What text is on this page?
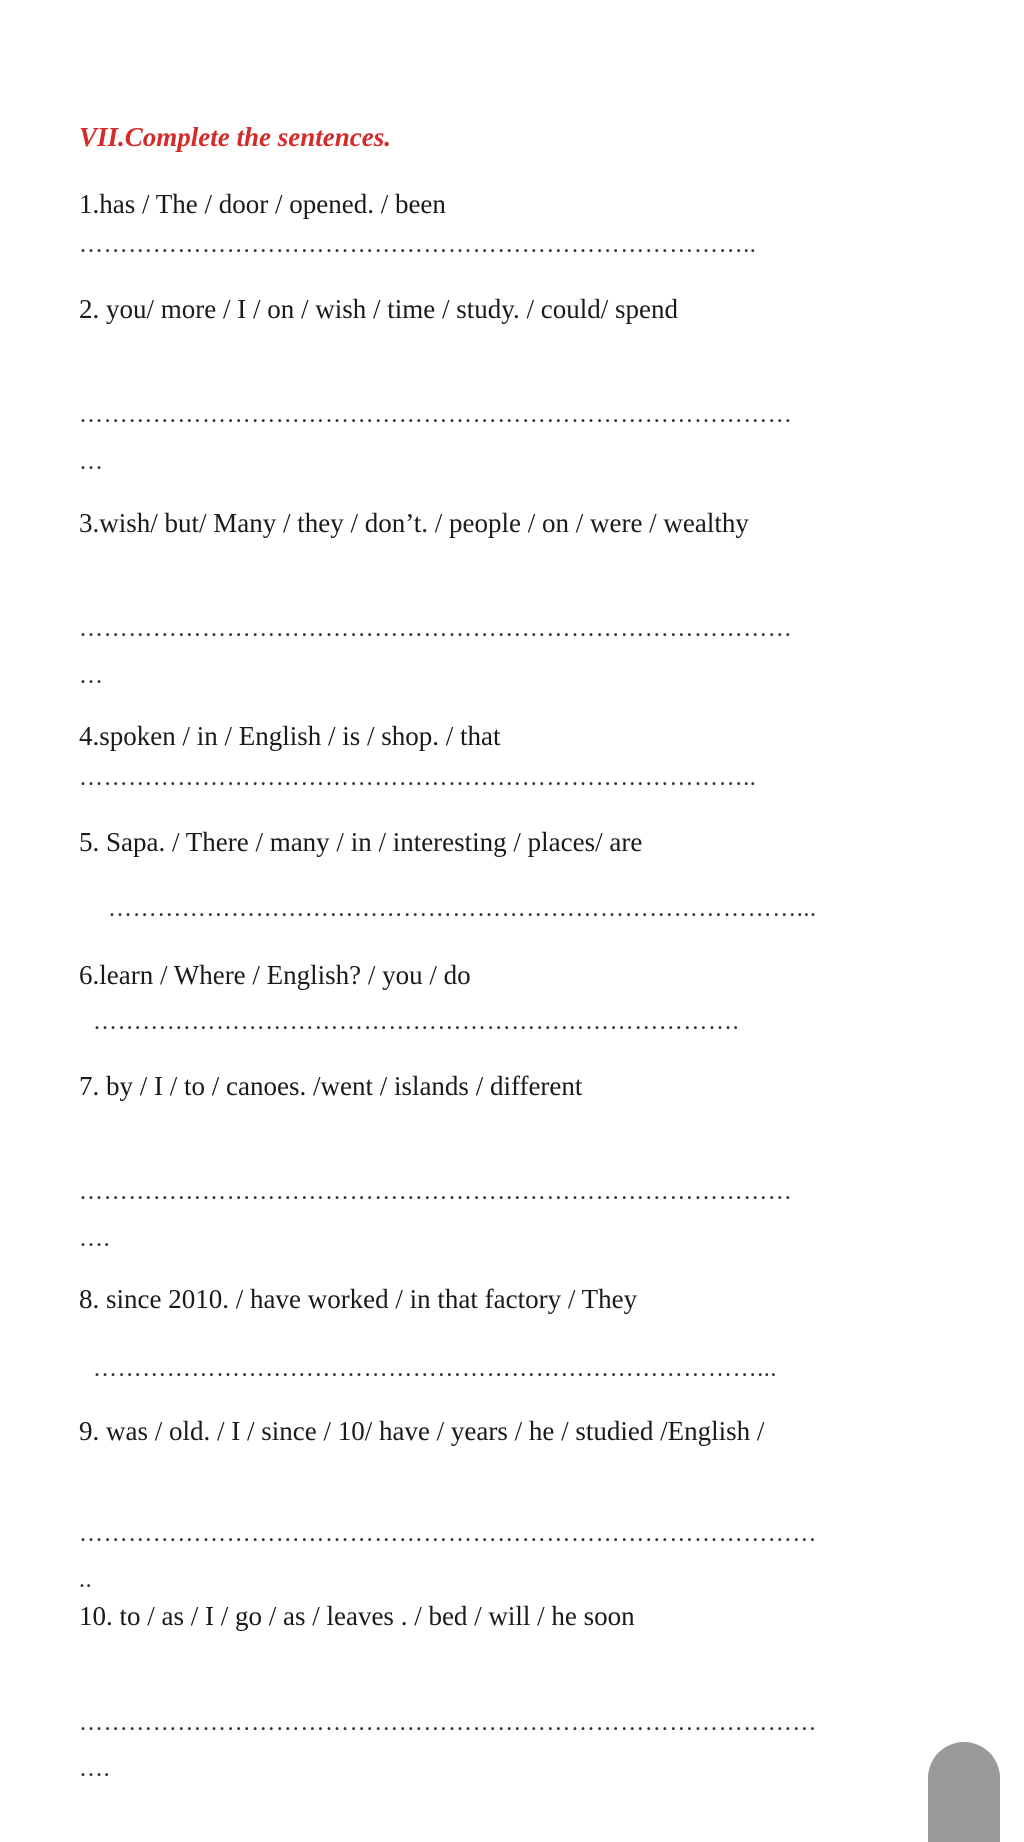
VII.Complete the sentences.

1.has / The / door / opened. / been

………………………………………………………………………..

2. you/ more / I / on / wish / time / study. / could/ spend

……………………………………………………………………………

…

3.wish/ but/ Many / they / don’t. / people / on / were / wealthy

……………………………………………………………………………

…

4.spoken / in / English / is / shop. / that

………………………………………………………………………..

5. Sapa. / There / many / in / interesting / places/ are

…………………………………………………………………………...

6.learn / Where / English? / you / do

…………………………………………………………………….

7. by / I / to / canoes. /went / islands / different

……………………………………………………………………………

….

8. since 2010. / have worked / in that factory / They

………………………………………………………………………...

9. was / old. / I / since / 10/ have / years / he / studied /English /

………………………………………………………………………………

..

10. to / as / I / go / as / leaves . / bed / will / he soon

………………………………………………………………………………

….
